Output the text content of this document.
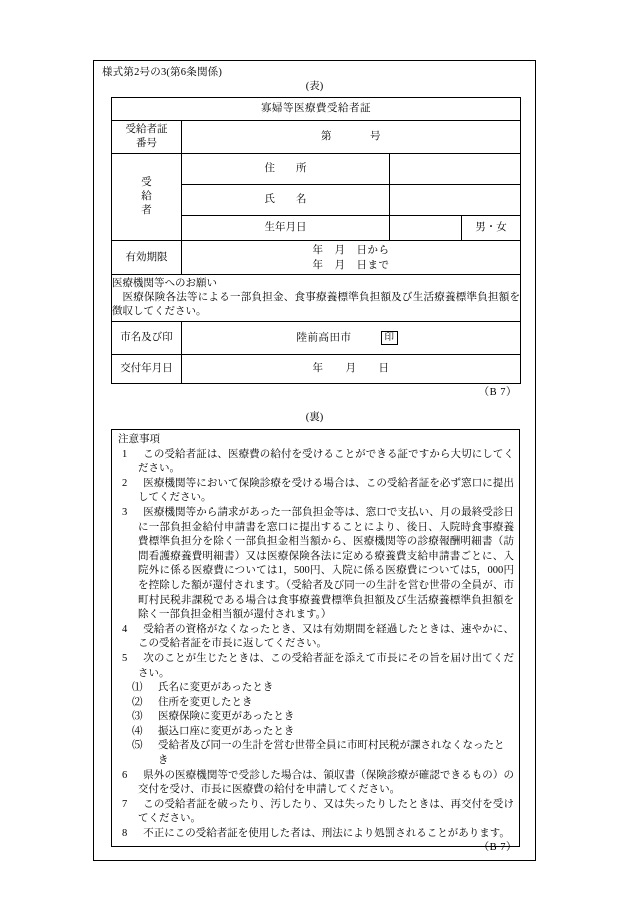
様式第2号の3(第6条関係)
(表)
寡婦等医療費受給者証			

受給者証
番号	第 号		

受
給
者	住　　所		
	氏　　名		
	生年月日		男・女
有効期限	年　月　日から
年　月　日まで		

医療機関等へのお願い
医療保険各法等による一部負担金、食事療養標準負担額及び生活療養標準負担額を徴収してください。			

市名及び印	陸前高田市 印		

交付年月日	年　　月　　日		
（B 7）
(裏)
注意事項
1	この受給者証は、医療費の給付を受けることができる証ですから大切にしてください。
2	医療機関等において保険診療を受ける場合は、この受給者証を必ず窓口に提出してください。
3	医療機関等から請求があった一部負担金等は、窓口で支払い、月の最終受診日に一部負担金給付申請書を窓口に提出することにより、後日、入院時食事療養費標準負担分を除く一部負担金相当額から、医療機関等の診療報酬明細書（訪問看護療養費明細書）又は医療保険各法に定める療養費支給申請書ごとに、入院外に係る医療費については1，500円、入院に係る医療費については5，000円を控除した額が還付されます。（受給者及び同一の生計を営む世帯の全員が、市町村民税非課税である場合は食事療養費標準負担額及び生活療養標準負担額を除く一部負担金相当額が還付されます。）
4	受給者の資格がなくなったとき、又は有効期間を経過したときは、速やかに、この受給者証を市長に返してください。
5	次のことが生じたときは、この受給者証を添えて市長にその旨を届け出てください。
⑴	氏名に変更があったとき
⑵	住所を変更したとき
⑶	医療保険に変更があったとき
⑷	振込口座に変更があったとき
⑸	受給者及び同一の生計を営む世帯全員に市町村民税が課されなくなったとき
6	県外の医療機関等で受診した場合は、領収書（保険診療が確認できるもの）の交付を受け、市長に医療費の給付を申請してください。
7	この受給者証を破ったり、汚したり、又は失ったりしたときは、再交付を受けてください。
8	不正にこの受給者証を使用した者は、刑法により処罰されることがあります。
（B 7）
